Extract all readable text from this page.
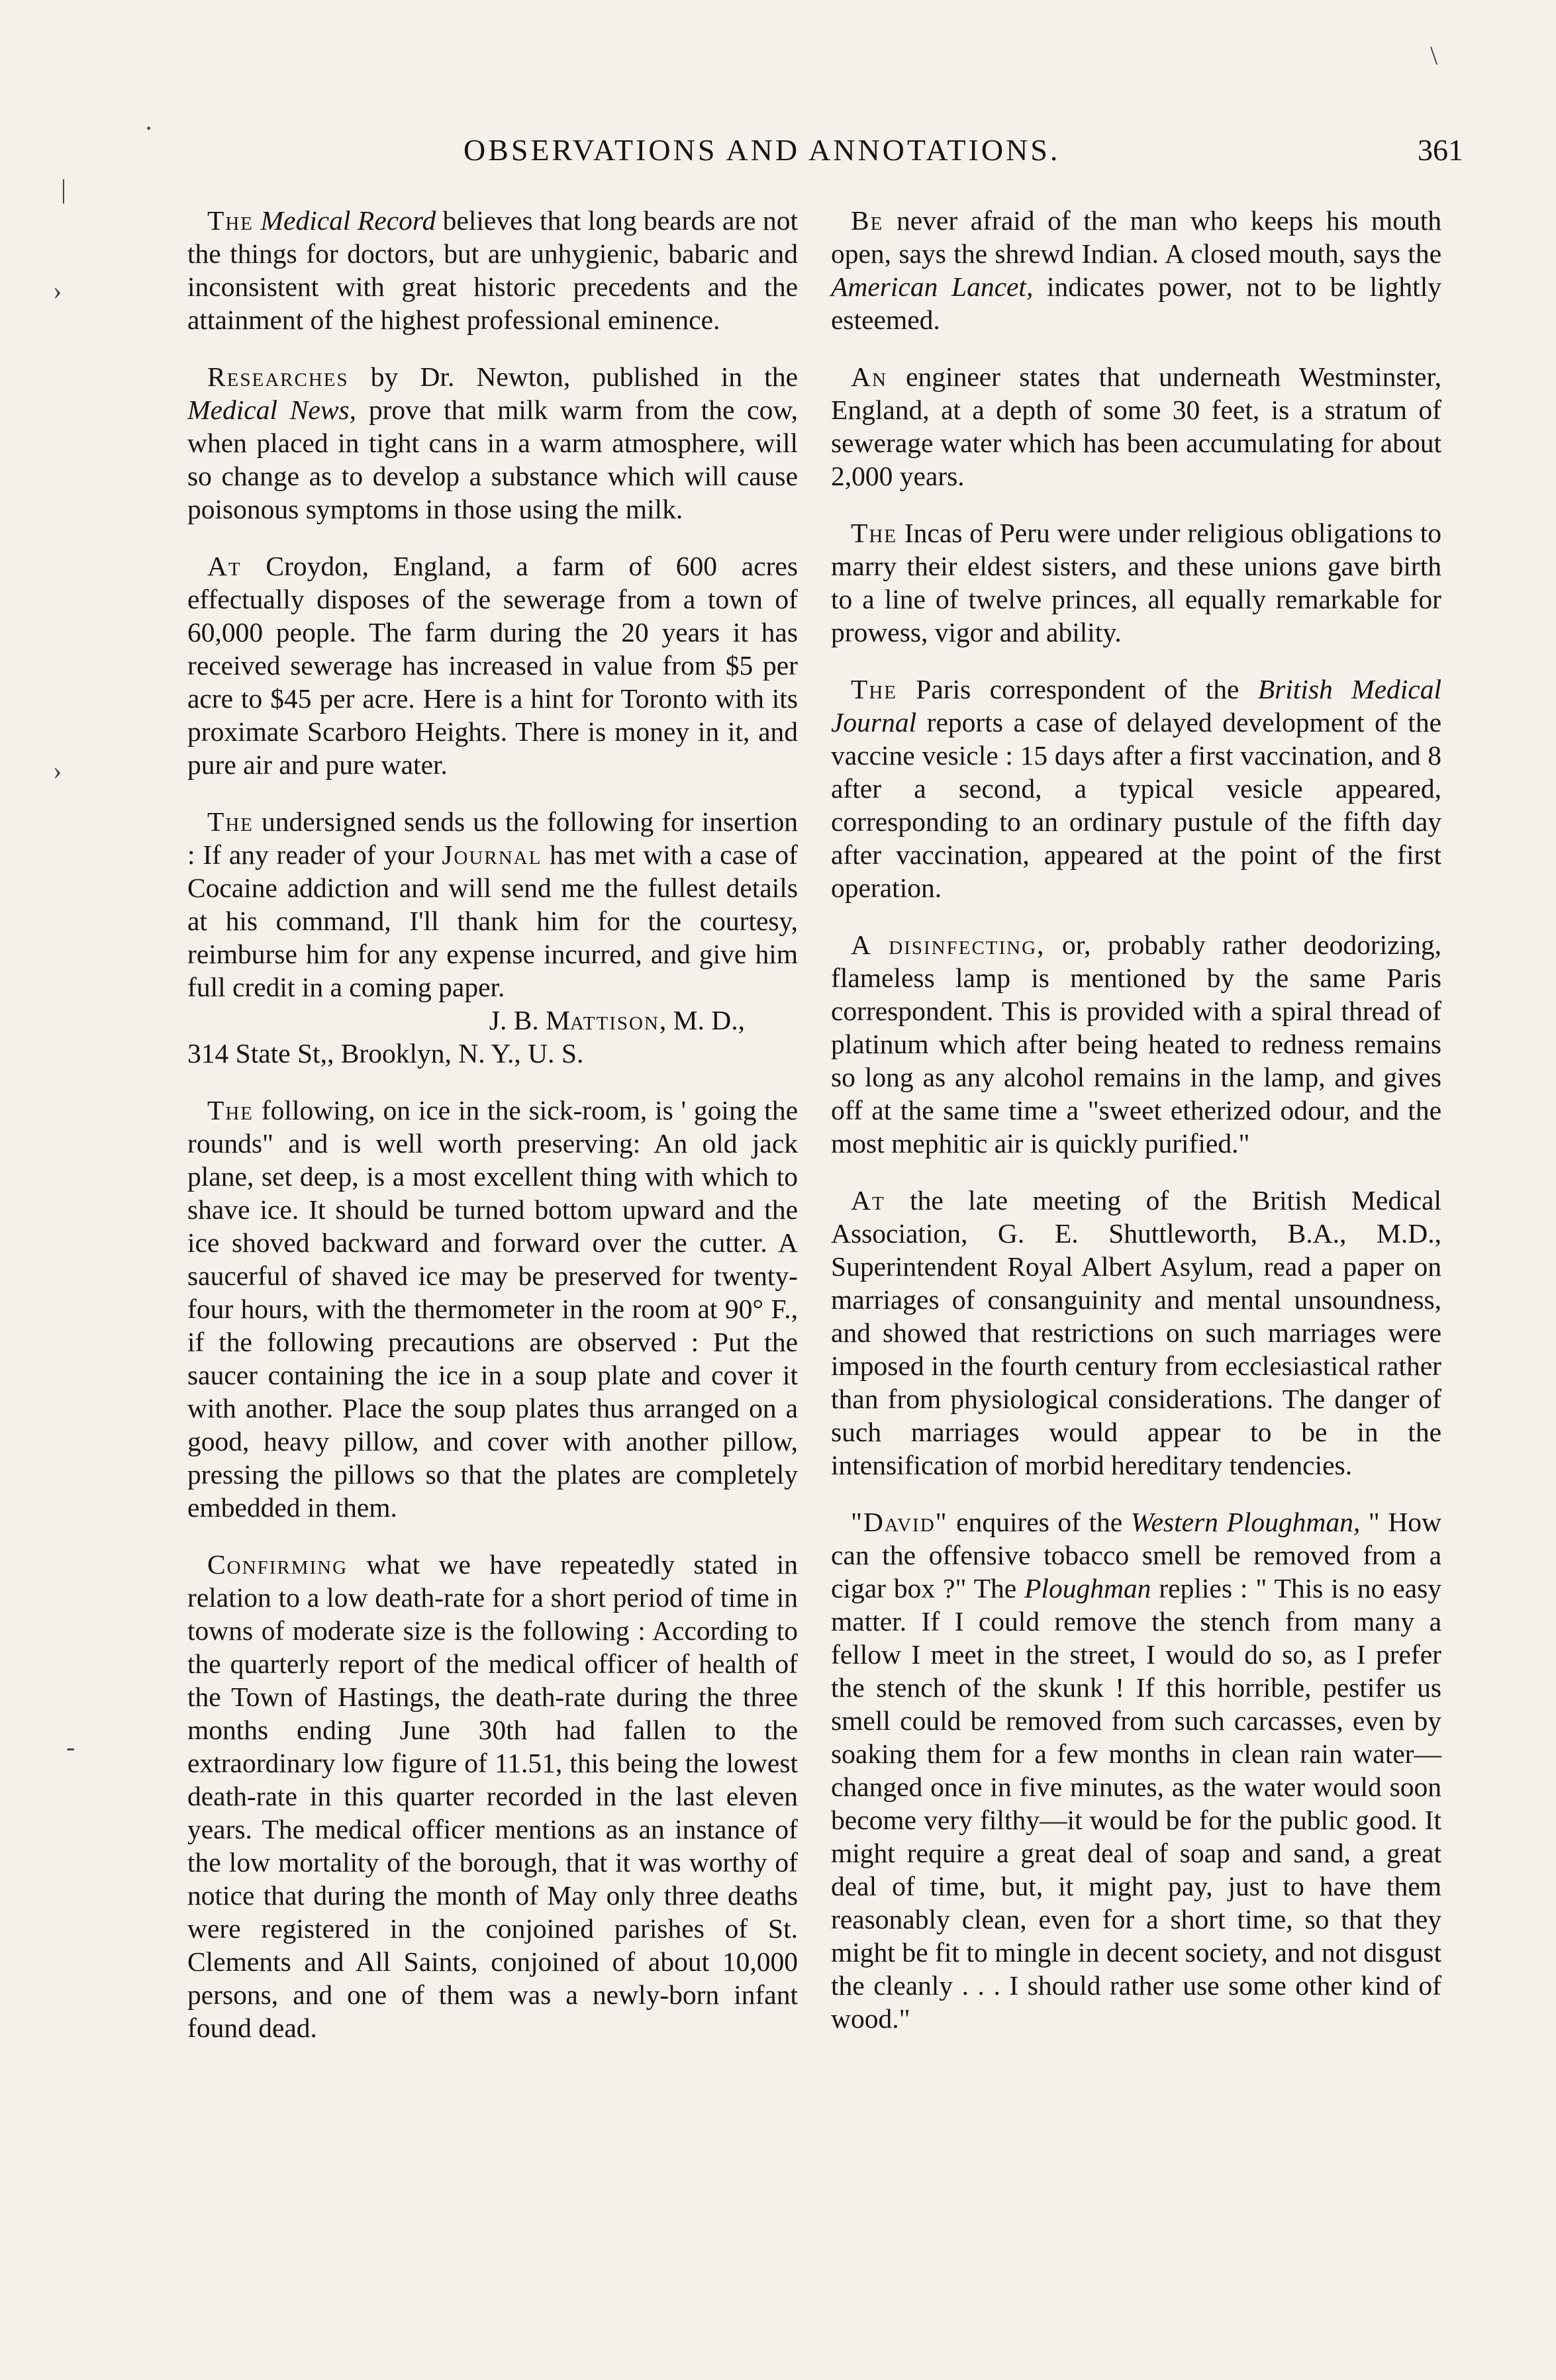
\
·
|
›
›
-
OBSERVATIONS AND ANNOTATIONS.	361

The Medical Record believes that long beards are not the things for doctors, but are unhygienic, babaric and inconsistent with great historic precedents and the attainment of the highest professional eminence.

Researches by Dr. Newton, published in the Medical News, prove that milk warm from the cow, when placed in tight cans in a warm atmosphere, will so change as to develop a substance which will cause poisonous symptoms in those using the milk.

At Croydon, England, a farm of 600 acres effectually disposes of the sewerage from a town of 60,000 people. The farm during the 20 years it has received sewerage has increased in value from $5 per acre to $45 per acre. Here is a hint for Toronto with its proximate Scarboro Heights. There is money in it, and pure air and pure water.

The undersigned sends us the following for insertion : If any reader of your Journal has met with a case of Cocaine addiction and will send me the fullest details at his command, I'll thank him for the courtesy, reimburse him for any expense incurred, and give him full credit in a coming paper.

J. B. Mattison, M. D.,
314 State St,, Brooklyn, N. Y., U. S.

The following, on ice in the sick-room, is ' going the rounds" and is well worth preserving: An old jack plane, set deep, is a most excellent thing with which to shave ice. It should be turned bottom upward and the ice shoved backward and forward over the cutter. A saucerful of shaved ice may be preserved for twenty-four hours, with the thermometer in the room at 90° F., if the following precautions are observed : Put the saucer containing the ice in a soup plate and cover it with another. Place the soup plates thus arranged on a good, heavy pillow, and cover with another pillow, pressing the pillows so that the plates are completely embedded in them.

Confirming what we have repeatedly stated in relation to a low death-rate for a short period of time in towns of moderate size is the following : According to the quarterly report of the medical officer of health of the Town of Hastings, the death-rate during the three months ending June 30th had fallen to the extraordinary low figure of 11.51, this being the lowest death-rate in this quarter recorded in the last eleven years. The medical officer mentions as an instance of the low mortality of the borough, that it was worthy of notice that during the month of May only three deaths were registered in the conjoined parishes of St. Clements and All Saints, conjoined of about 10,000 persons, and one of them was a newly-born infant found dead.

Be never afraid of the man who keeps his mouth open, says the shrewd Indian. A closed mouth, says the American Lancet, indicates power, not to be lightly esteemed.

An engineer states that underneath Westminster, England, at a depth of some 30 feet, is a stratum of sewerage water which has been accumulating for about 2,000 years.

The Incas of Peru were under religious obligations to marry their eldest sisters, and these unions gave birth to a line of twelve princes, all equally remarkable for prowess, vigor and ability.

The Paris correspondent of the British Medical Journal reports a case of delayed development of the vaccine vesicle : 15 days after a first vaccination, and 8 after a second, a typical vesicle appeared, corresponding to an ordinary pustule of the fifth day after vaccination, appeared at the point of the first operation.

A disinfecting, or, probably rather deodorizing, flameless lamp is mentioned by the same Paris correspondent. This is provided with a spiral thread of platinum which after being heated to redness remains so long as any alcohol remains in the lamp, and gives off at the same time a "sweet etherized odour, and the most mephitic air is quickly purified."

At the late meeting of the British Medical Association, G. E. Shuttleworth, B.A., M.D., Superintendent Royal Albert Asylum, read a paper on marriages of consanguinity and mental unsoundness, and showed that restrictions on such marriages were imposed in the fourth century from ecclesiastical rather than from physiological considerations. The danger of such marriages would appear to be in the intensification of morbid hereditary tendencies.

"David" enquires of the Western Ploughman, " How can the offensive tobacco smell be removed from a cigar box ?" The Ploughman replies : " This is no easy matter. If I could remove the stench from many a fellow I meet in the street, I would do so, as I prefer the stench of the skunk ! If this horrible, pestifer us smell could be removed from such carcasses, even by soaking them for a few months in clean rain water—changed once in five minutes, as the water would soon become very filthy—it would be for the public good. It might require a great deal of soap and sand, a great deal of time, but, it might pay, just to have them reasonably clean, even for a short time, so that they might be fit to mingle in decent society, and not disgust the cleanly . . . I should rather use some other kind of wood."
